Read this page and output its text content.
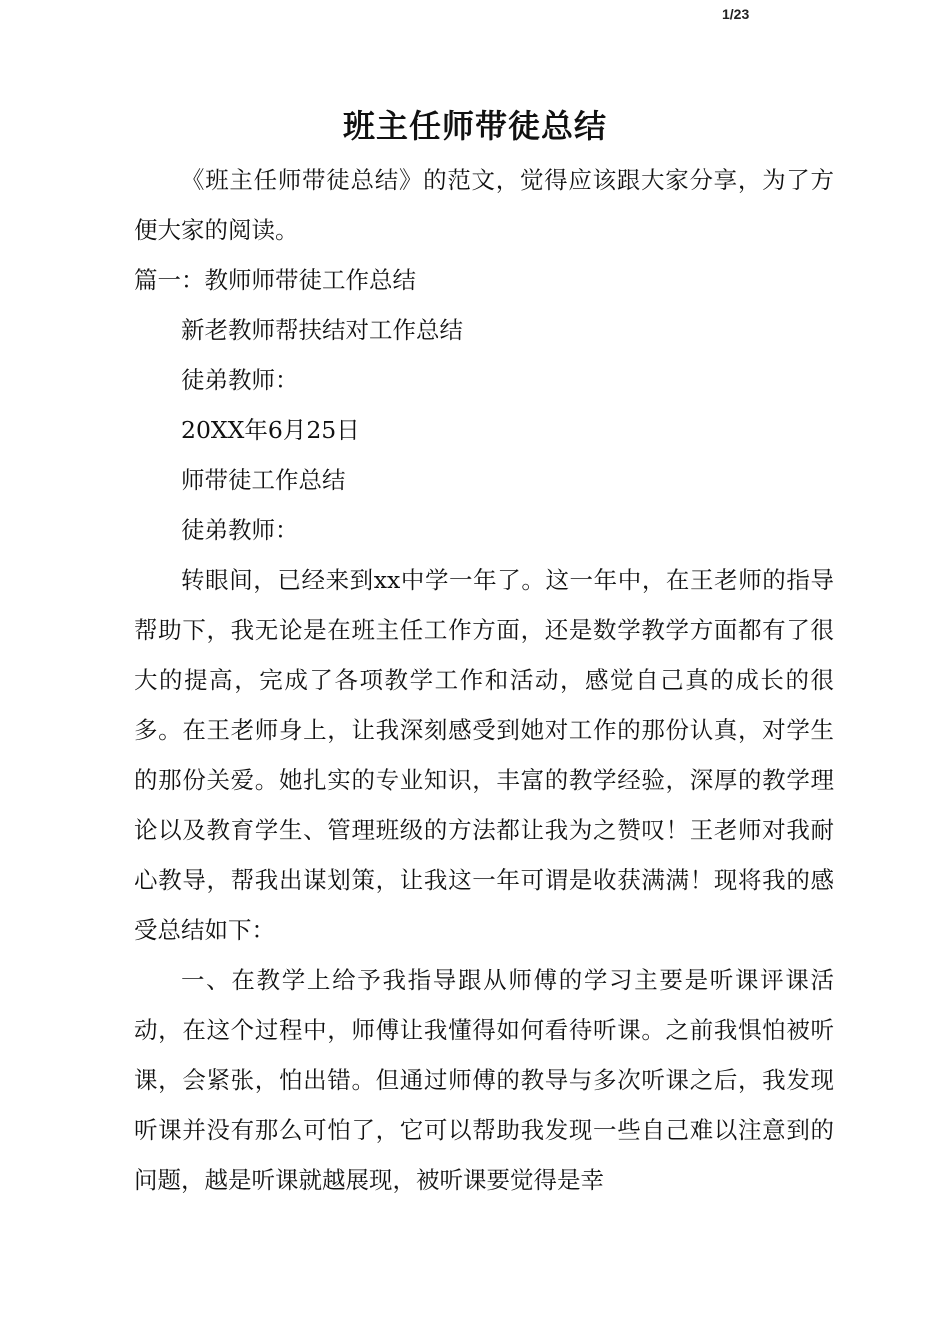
1/23
班主任师带徒总结

《班主任师带徒总结》的范文，觉得应该跟大家分享，为了方便大家的阅读。

篇一：教师师带徒工作总结

新老教师帮扶结对工作总结

徒弟教师：

20XX年6月25日

师带徒工作总结

徒弟教师：

转眼间，已经来到xx中学一年了。这一年中，在王老师的指导帮助下，我无论是在班主任工作方面，还是数学教学方面都有了很大的提高，完成了各项教学工作和活动，感觉自己真的成长的很多。在王老师身上，让我深刻感受到她对工作的那份认真，对学生的那份关爱。她扎实的专业知识，丰富的教学经验，深厚的教学理论以及教育学生、管理班级的方法都让我为之赞叹！王老师对我耐心教导，帮我出谋划策，让我这一年可谓是收获满满！现将我的感受总结如下：

一、在教学上给予我指导跟从师傅的学习主要是听课评课活动，在这个过程中，师傅让我懂得如何看待听课。之前我惧怕被听课，会紧张，怕出错。但通过师傅的教导与多次听课之后，我发现听课并没有那么可怕了，它可以帮助我发现一些自己难以注意到的问题，越是听课就越展现，被听课要觉得是幸
